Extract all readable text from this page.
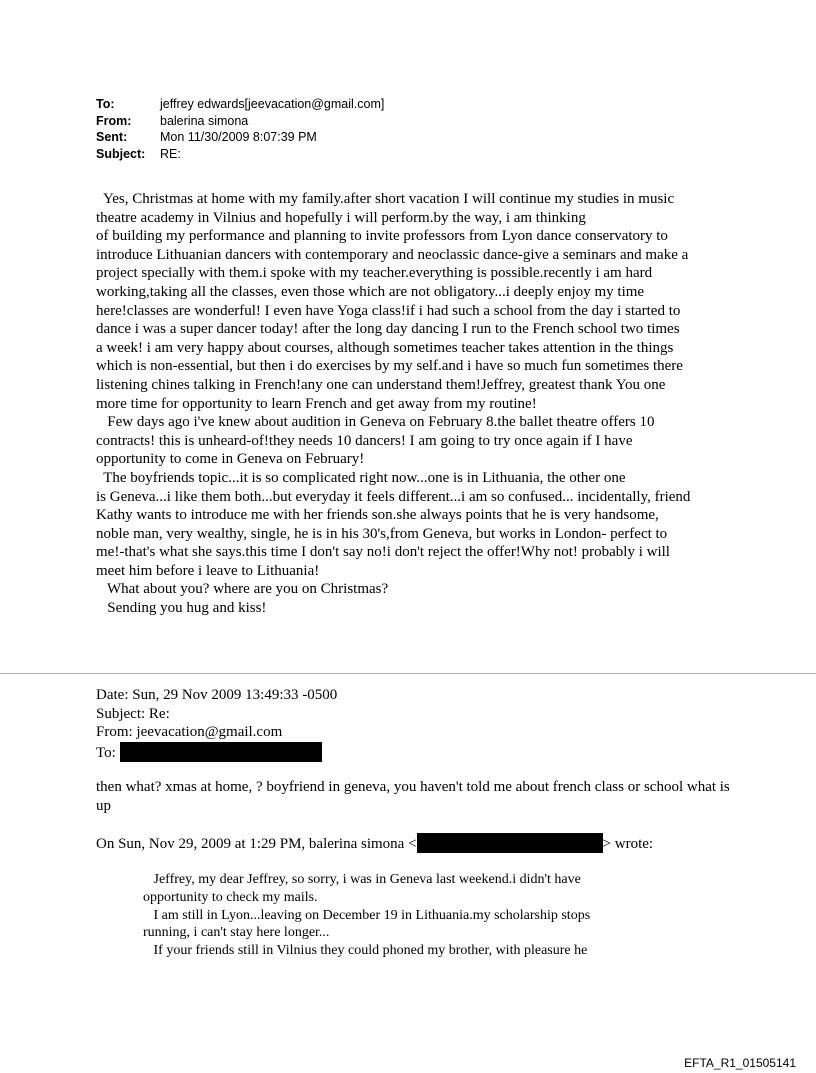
To:	jeffrey edwards[jeevacation@gmail.com]
From:	balerina simona
Sent:	Mon 11/30/2009 8:07:39 PM
Subject:	RE:
Yes, Christmas at home with my family.after short vacation I will continue my studies in music
theatre academy in Vilnius and hopefully i will perform.by the way, i am thinking
of building my performance and planning to invite professors from Lyon dance conservatory to
introduce Lithuanian dancers with contemporary and neoclassic dance-give a seminars and make a
project specially with them.i spoke with my teacher.everything is possible.recently i am hard
working,taking all the classes, even those which are not obligatory...i deeply enjoy my time
here!classes are wonderful! I even have Yoga class!if i had such a school from the day i started to
dance i was a super dancer today! after the long day dancing I run to the French school two times
a week! i am very happy about courses, although sometimes teacher takes attention in the things
which is non-essential, but then i do exercises by my self.and i have so much fun sometimes there
listening chines talking in French!any one can understand them!Jeffrey, greatest thank You one
more time for opportunity to learn French and get away from my routine!
Few days ago i've knew about audition in Geneva on February 8.the ballet theatre offers 10
contracts! this is unheard-of!they needs 10 dancers! I am going to try once again if I have
opportunity to come in Geneva on February!
The boyfriends topic...it is so complicated right now...one is in Lithuania, the other one
is Geneva...i like them both...but everyday it feels different...i am so confused... incidentally, friend
Kathy wants to introduce me with her friends son.she always points that he is very handsome,
noble man, very wealthy, single, he is in his 30's,from Geneva, but works in London- perfect to
me!-that's what she says.this time I don't say no!i don't reject the offer!Why not! probably i will
meet him before i leave to Lithuania!
What about you? where are you on Christmas?
Sending you hug and kiss!
Date: Sun, 29 Nov 2009 13:49:33 -0500
Subject: Re:
From: jeevacation@gmail.com
To:
then what? xmas at home, ? boyfriend in geneva, you haven't told me about french class or school what is up
On Sun, Nov 29, 2009 at 1:29 PM, balerina simona <	> wrote:
Jeffrey, my dear Jeffrey, so sorry, i was in Geneva last weekend.i didn't have
opportunity to check my mails.
I am still in Lyon...leaving on December 19 in Lithuania.my scholarship stops
running, i can't stay here longer...
If your friends still in Vilnius they could phoned my brother, with pleasure he
EFTA_R1_01505141
